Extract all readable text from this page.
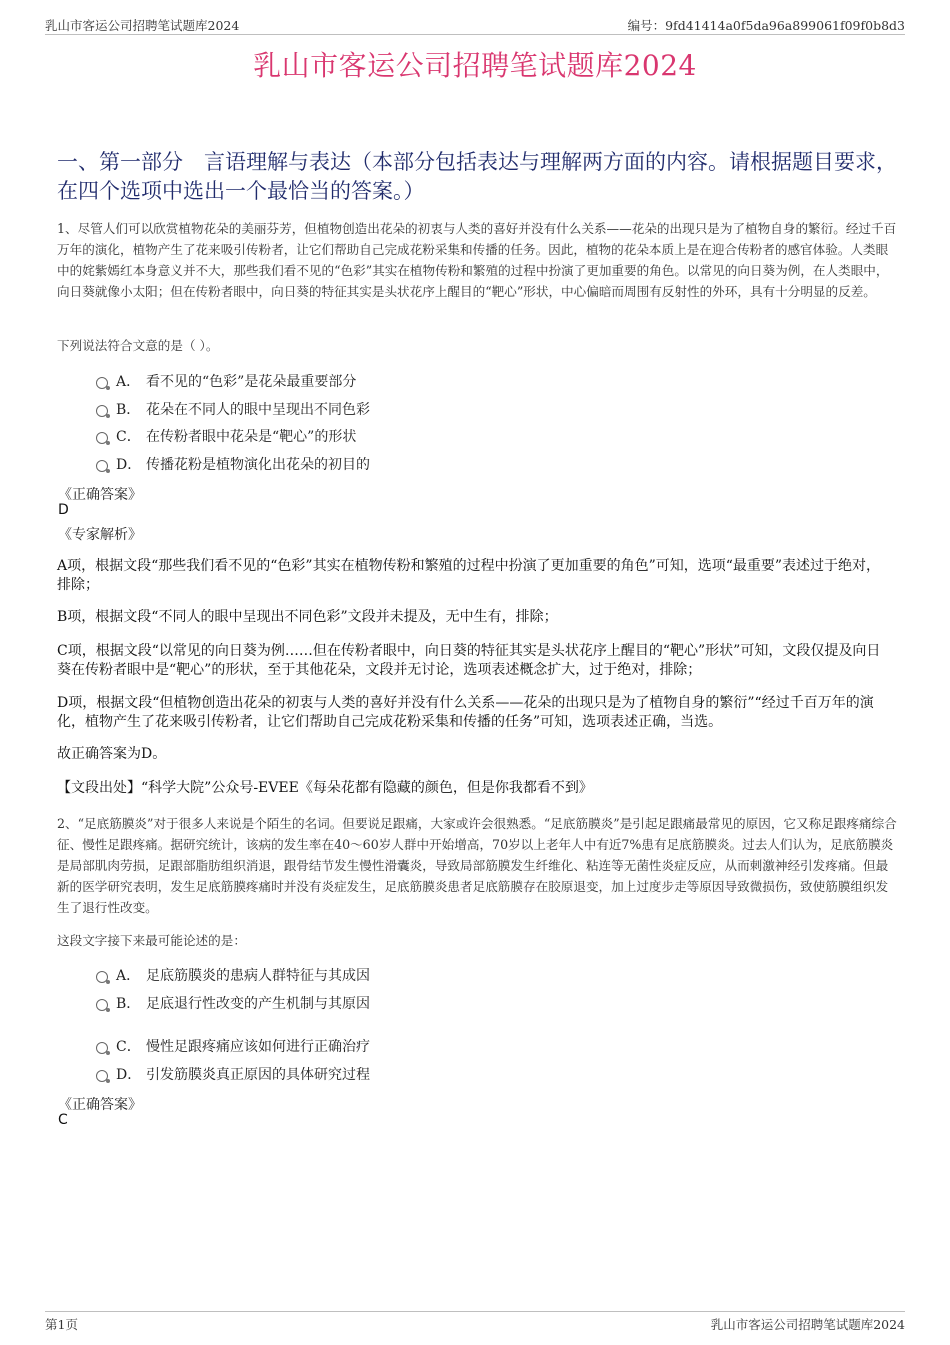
乳山市客运公司招聘笔试题库2024	编号：9fd41414a0f5da96a899061f09f0b8d3
乳山市客运公司招聘笔试题库2024
一、第一部分　言语理解与表达（本部分包括表达与理解两方面的内容。请根据题目要求，在四个选项中选出一个最恰当的答案。）
1、尽管人们可以欣赏植物花朵的美丽芬芳，但植物创造出花朵的初衷与人类的喜好并没有什么关系——花朵的出现只是为了植物自身的繁衍。经过千百万年的演化，植物产生了花来吸引传粉者，让它们帮助自己完成花粉采集和传播的任务。因此，植物的花朵本质上是在迎合传粉者的感官体验。人类眼中的姹紫嫣红本身意义并不大，那些我们看不见的“色彩”其实在植物传粉和繁殖的过程中扮演了更加重要的角色。以常见的向日葵为例，在人类眼中，向日葵就像小太阳；但在传粉者眼中，向日葵的特征其实是头状花序上醒目的“靶心”形状，中心偏暗而周围有反射性的外环，具有十分明显的反差。
下列说法符合文意的是（ ）。
A． 看不见的“色彩”是花朵最重要部分
B． 花朵在不同人的眼中呈现出不同色彩
C． 在传粉者眼中花朵是“靶心”的形状
D． 传播花粉是植物演化出花朵的初目的
《正确答案》
D
《专家解析》
A项，根据文段“那些我们看不见的“色彩”其实在植物传粉和繁殖的过程中扮演了更加重要的角色”可知，选项“最重要”表述过于绝对，排除；
B项，根据文段“不同人的眼中呈现出不同色彩”文段并未提及，无中生有，排除；
C项，根据文段“以常见的向日葵为例……但在传粉者眼中，向日葵的特征其实是头状花序上醒目的“靶心”形状”可知，文段仅提及向日葵在传粉者眼中是“靶心”的形状，至于其他花朵，文段并无讨论，选项表述概念扩大，过于绝对，排除；
D项，根据文段“但植物创造出花朵的初衷与人类的喜好并没有什么关系——花朵的出现只是为了植物自身的繁衍”“经过千百万年的演化，植物产生了花来吸引传粉者，让它们帮助自己完成花粉采集和传播的任务”可知，选项表述正确，当选。
故正确答案为D。
【文段出处】“科学大院”公众号-EVEE《每朵花都有隐藏的颜色，但是你我都看不到》
2、“足底筋膜炎”对于很多人来说是个陌生的名词。但要说足跟痛，大家或许会很熟悉。“足底筋膜炎”是引起足跟痛最常见的原因，它又称足跟疼痛综合征、慢性足跟疼痛。据研究统计，该病的发生率在40～60岁人群中开始增高，70岁以上老年人中有近7%患有足底筋膜炎。过去人们认为，足底筋膜炎是局部肌肉劳损，足跟部脂肪组织消退，跟骨结节发生慢性滑囊炎，导致局部筋膜发生纤维化、粘连等无菌性炎症反应，从而刺激神经引发疼痛。但最新的医学研究表明，发生足底筋膜疼痛时并没有炎症发生，足底筋膜炎患者足底筋膜存在胶原退变，加上过度步走等原因导致微损伤，致使筋膜组织发生了退行性改变。
这段文字接下来最可能论述的是：
A． 足底筋膜炎的患病人群特征与其成因
B． 足底退行性改变的产生机制与其原因
C． 慢性足跟疼痛应该如何进行正确治疗
D． 引发筋膜炎真正原因的具体研究过程
《正确答案》
C
第1页	乳山市客运公司招聘笔试题库2024
